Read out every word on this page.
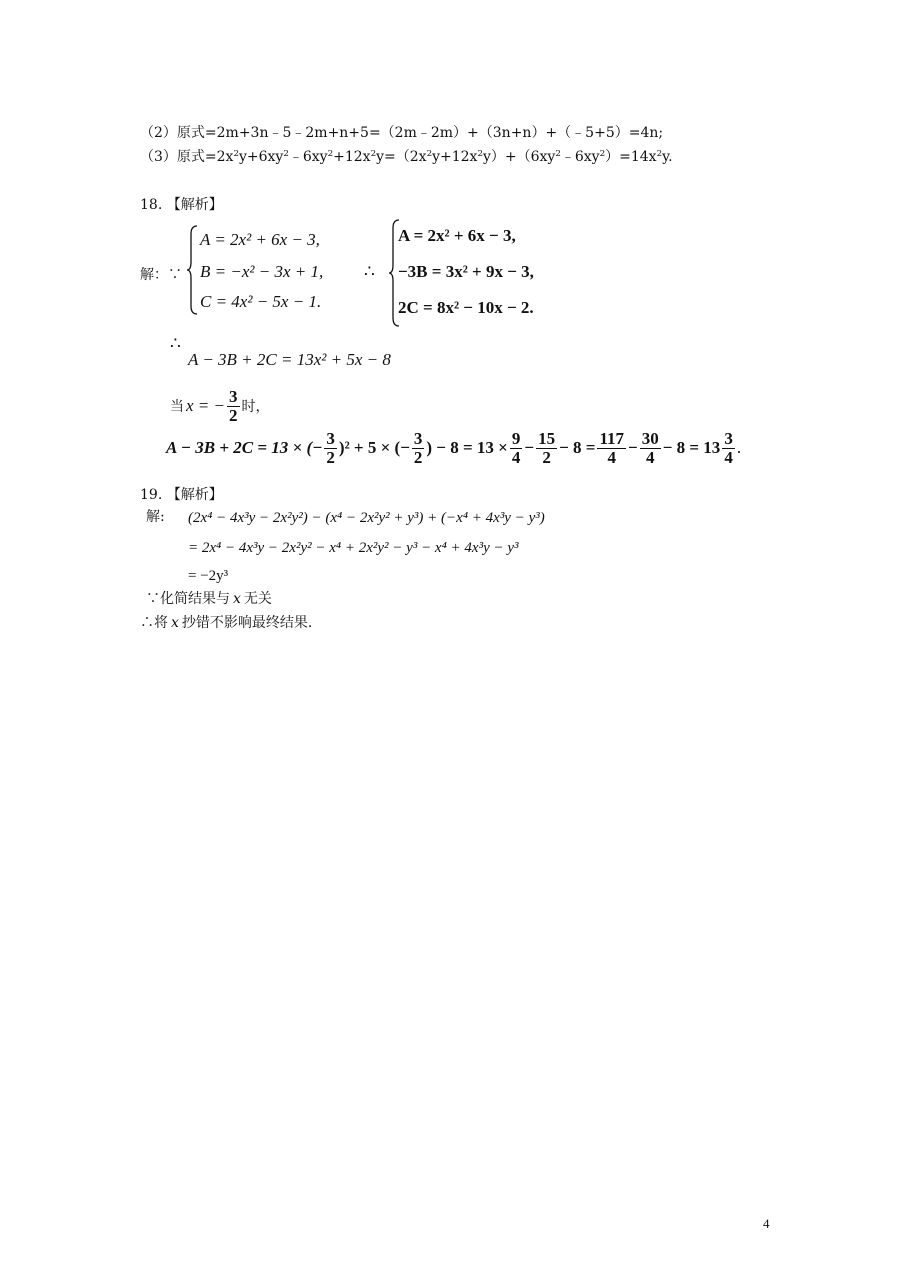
（2）原式=2m+3n﹣5﹣2m+n+5=（2m﹣2m）+（3n+n）+（﹣5+5）=4n;
（3）原式$=2x^2y+6xy^2﹣6xy^2+12x^2y=(2x^2y+12x^2y)+(6xy^2﹣6xy^2)=14x^2y$.
18. 【解析】
解：∵
A = 2x² + 6x − 3,
B = −x² − 3x + 1,
C = 4x² − 5x − 1.
∴
A = 2x² + 6x − 3,
−3B = 3x² + 9x − 3,
2C = 8x² − 10x − 2.
∴
A − 3B + 2C = 13x² + 5x − 8
当 x = − $\frac{3}{2}$ 时，
A − 3B + 2C = 13 × (− $\frac{3}{2} )^2 + 5$ × (− $\frac{3}{2}$ ) − $8 = 13 \times \frac{9}{4} - \frac{15}{2} - 8 = \frac{117}{4} - \frac{30}{4} - 8 = 13 \frac{3}{4}$ .
19. 【解析】
解: (2x⁴ − 4x³y − 2x²y²) − (x⁴ − 2x²y² + y³) + (−x⁴ + 4x³y − y³)
= 2x⁴ − 4x³y − 2x²y² − x⁴ + 2x²y² − y³ − x⁴ + 4x³y − y³
= −2y³
∵化简结果与 x 无关
∴将 x 抄错不影响最终结果.
4
